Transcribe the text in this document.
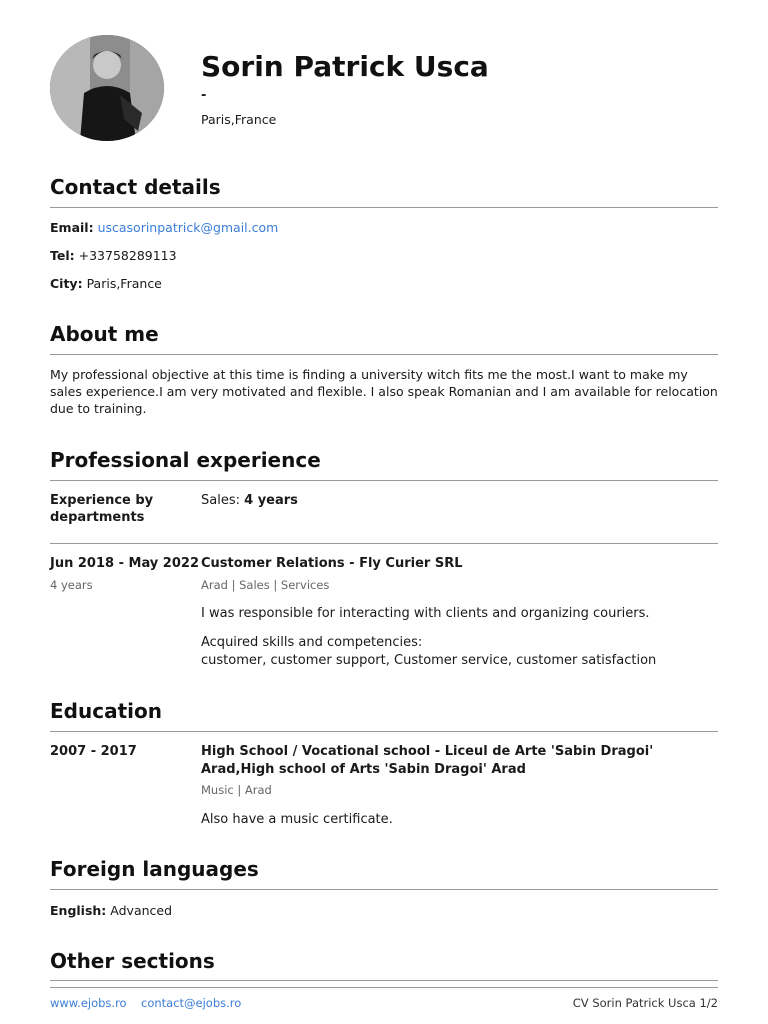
Sorin Patrick Usca
-
Paris,France
Contact details
Email: uscasorinpatrick@gmail.com
Tel: +33758289113
City: Paris,France
About me
My professional objective at this time is finding a university witch fits me the most.I want to make my sales experience.I am very motivated and flexible. I also speak Romanian and I am available for relocation due to training.
Professional experience
Experience by departments
Sales: 4 years
Jun 2018 - May 2022
4 years
Customer Relations - Fly Curier SRL
Arad | Sales | Services
I was responsible for interacting with clients and organizing couriers.
Acquired skills and competencies:
customer, customer support, Customer service, customer satisfaction
Education
2007 - 2017	High School / Vocational school - Liceul de Arte 'Sabin Dragoi' Arad,High school of Arts 'Sabin Dragoi' Arad
Music | Arad
Also have a music certificate.
Foreign languages
English: Advanced
Other sections
www.ejobs.ro contact@ejobs.ro	CV Sorin Patrick Usca 1/2
